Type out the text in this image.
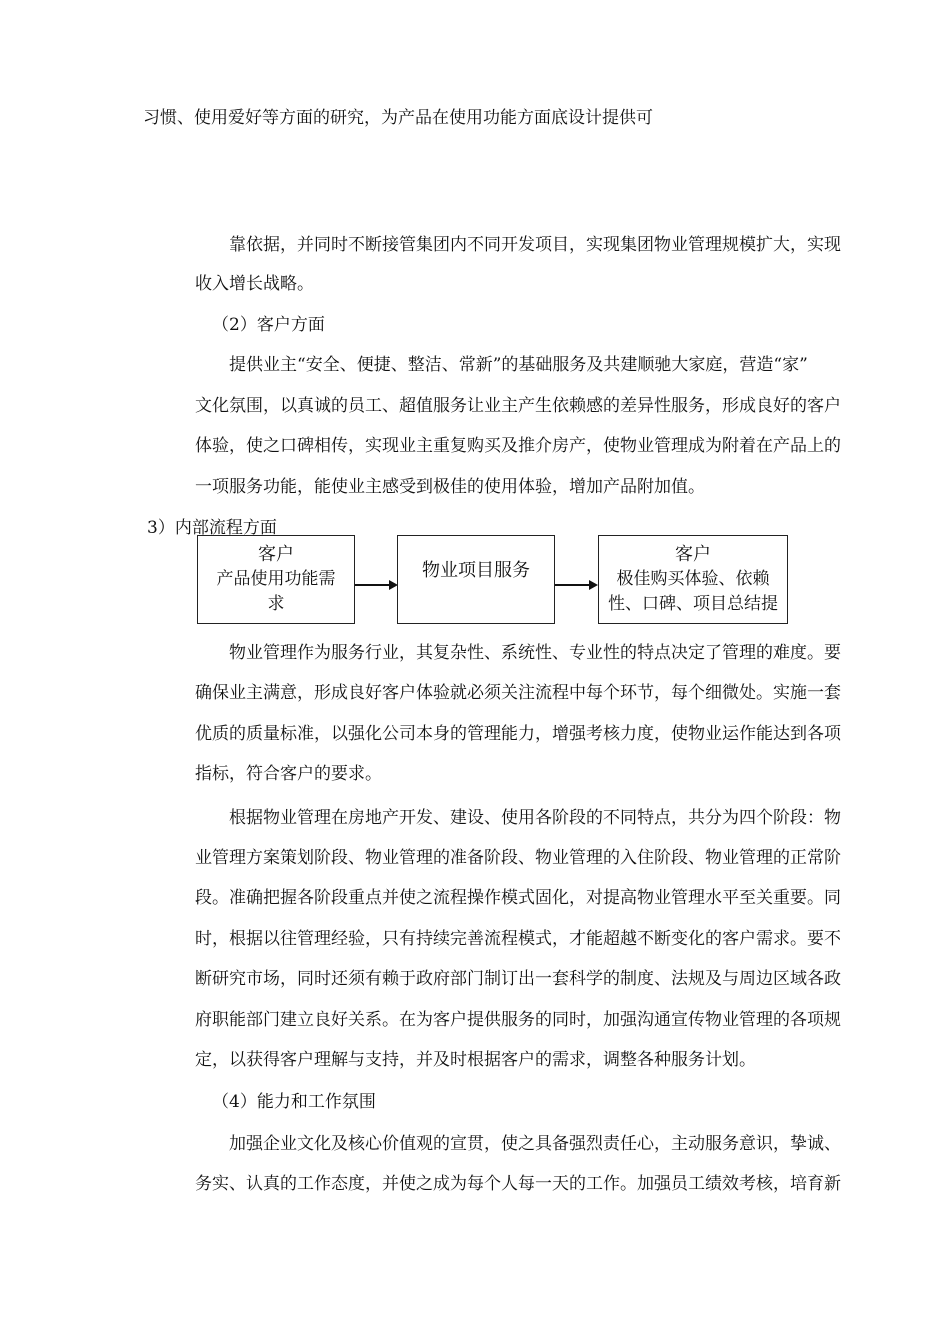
习惯、使用爱好等方面的研究，为产品在使用功能方面底设计提供可
靠依据，并同时不断接管集团内不同开发项目，实现集团物业管理规模扩大，实现
收入增长战略。
（2）客户方面
提供业主“安全、便捷、整洁、常新”的基础服务及共建顺驰大家庭，营造“家”
文化氛围，以真诚的员工、超值服务让业主产生依赖感的差异性服务，形成良好的客户
体验，使之口碑相传，实现业主重复购买及推介房产，使物业管理成为附着在产品上的
一项服务功能，能使业主感受到极佳的使用体验，增加产品附加值。
3）内部流程方面
客户
产品使用功能需
求
物业项目服务
客户
极佳购买体验、依赖
性、口碑、项目总结提
物业管理作为服务行业，其复杂性、系统性、专业性的特点决定了管理的难度。要
确保业主满意，形成良好客户体验就必须关注流程中每个环节，每个细微处。实施一套
优质的质量标准，以强化公司本身的管理能力，增强考核力度，使物业运作能达到各项
指标，符合客户的要求。
根据物业管理在房地产开发、建设、使用各阶段的不同特点，共分为四个阶段：物
业管理方案策划阶段、物业管理的准备阶段、物业管理的入住阶段、物业管理的正常阶
段。准确把握各阶段重点并使之流程操作模式固化，对提高物业管理水平至关重要。同
时，根据以往管理经验，只有持续完善流程模式，才能超越不断变化的客户需求。要不
断研究市场，同时还须有赖于政府部门制订出一套科学的制度、法规及与周边区域各政
府职能部门建立良好关系。在为客户提供服务的同时，加强沟通宣传物业管理的各项规
定，以获得客户理解与支持，并及时根据客户的需求，调整各种服务计划。
（4）能力和工作氛围
加强企业文化及核心价值观的宣贯，使之具备强烈责任心，主动服务意识，挚诚、
务实、认真的工作态度，并使之成为每个人每一天的工作。加强员工绩效考核，培育新
